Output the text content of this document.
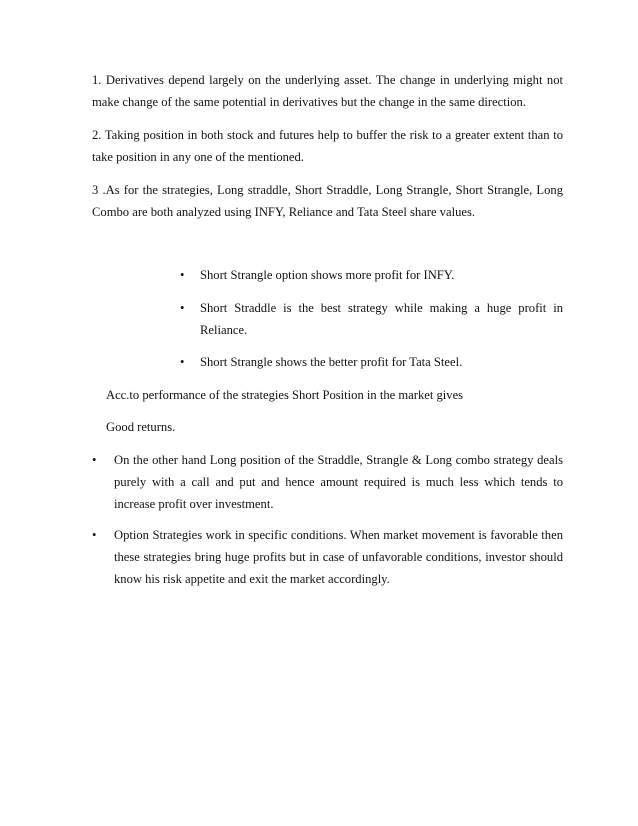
1. Derivatives depend largely on the underlying asset. The change in underlying might not
make change of the same potential in derivatives but the change in the same direction.
2. Taking position in both stock and futures help to buffer the risk to a greater extent than to
take position in any one of the mentioned.
3 .As for the strategies, Long straddle, Short Straddle, Long Strangle, Short Strangle, Long
Combo are both analyzed using INFY, Reliance and Tata Steel share values.
• Short Strangle option shows more profit for INFY.
• Short Straddle is the best strategy while making a huge profit in
Reliance.
• Short Strangle shows the better profit for Tata Steel.
Acc.to performance of the strategies Short Position in the market gives
Good returns.
• On the other hand Long position of the Straddle, Strangle & Long combo strategy deals
purely with a call and put and hence amount required is much less which tends to
increase profit over investment.
• Option Strategies work in specific conditions. When market movement is favorable then
these strategies bring huge profits but in case of unfavorable conditions, investor should
know his risk appetite and exit the market accordingly.
